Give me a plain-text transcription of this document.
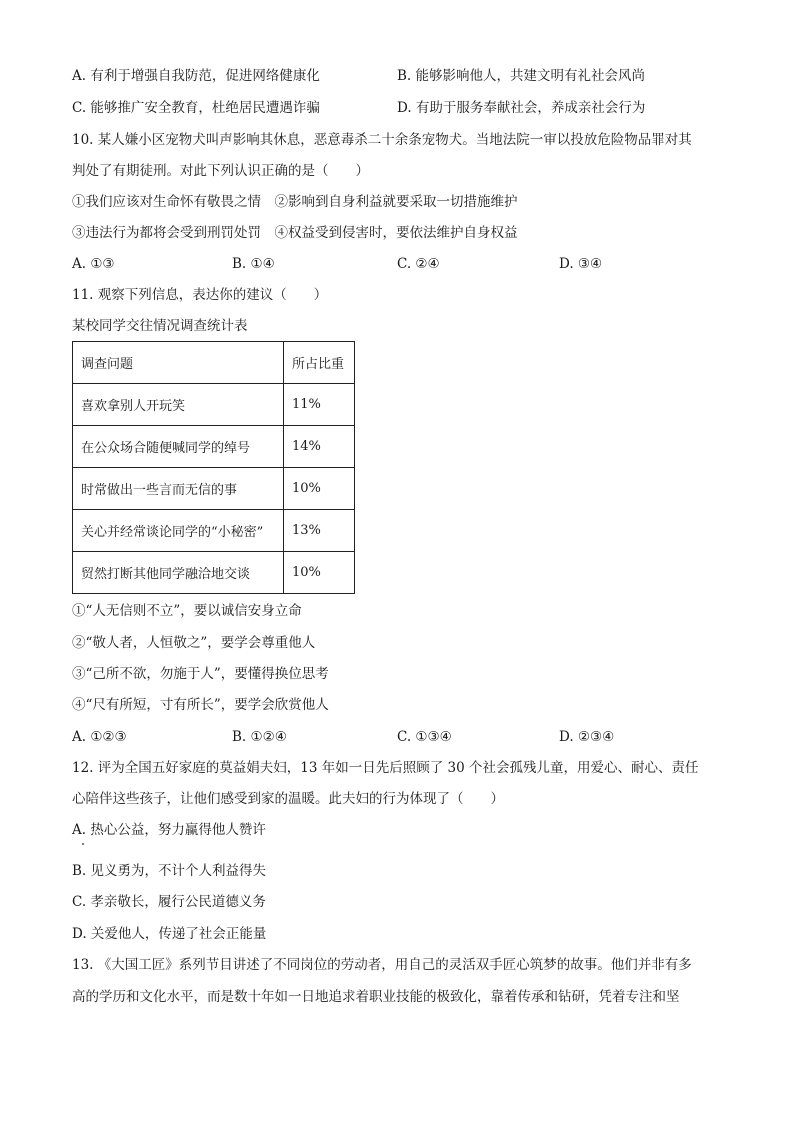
A. 有利于增强自我防范，促进网络健康化	B. 能够影响他人，共建文明有礼社会风尚
C. 能够推广安全教育，杜绝居民遭遇诈骗	D. 有助于服务奉献社会，养成亲社会行为
10. 某人嫌小区宠物犬叫声影响其休息，恶意毒杀二十余条宠物犬。当地法院一审以投放危险物品罪对其
判处了有期徒刑。对此下列认识正确的是（　　）
①我们应该对生命怀有敬畏之情　②影响到自身利益就要采取一切措施维护
③违法行为都将会受到刑罚处罚　④权益受到侵害时，要依法维护自身权益
A. ①③	B. ①④	C. ②④	D. ③④
11. 观察下列信息，表达你的建议（　　）
某校同学交往情况调查统计表
调查问题	所占比重
喜欢拿别人开玩笑	11%
在公众场合随便喊同学的绰号	14%
时常做出一些言而无信的事	10%
关心并经常谈论同学的“小秘密”	13%
贸然打断其他同学融洽地交谈	10%
①“人无信则不立”，要以诚信安身立命
②“敬人者，人恒敬之”，要学会尊重他人
③“己所不欲，勿施于人”，要懂得换位思考
④“尺有所短，寸有所长”，要学会欣赏他人
A. ①②③	B. ①②④	C. ①③④	D. ②③④
12. 评为全国五好家庭的莫益娟夫妇，13 年如一日先后照顾了 30 个社会孤残儿童，用爱心、耐心、责任
心陪伴这些孩子，让他们感受到家的温暖。此夫妇的行为体现了（　　）
A. 热心公益，努力赢得他人赞许
B. 见义勇为，不计个人利益得失
C. 孝亲敬长，履行公民道德义务
D. 关爱他人，传递了社会正能量
13. 《大国工匠》系列节目讲述了不同岗位的劳动者，用自己的灵活双手匠心筑梦的故事。他们并非有多
高的学历和文化水平，而是数十年如一日地追求着职业技能的极致化，靠着传承和钻研，凭着专注和坚
